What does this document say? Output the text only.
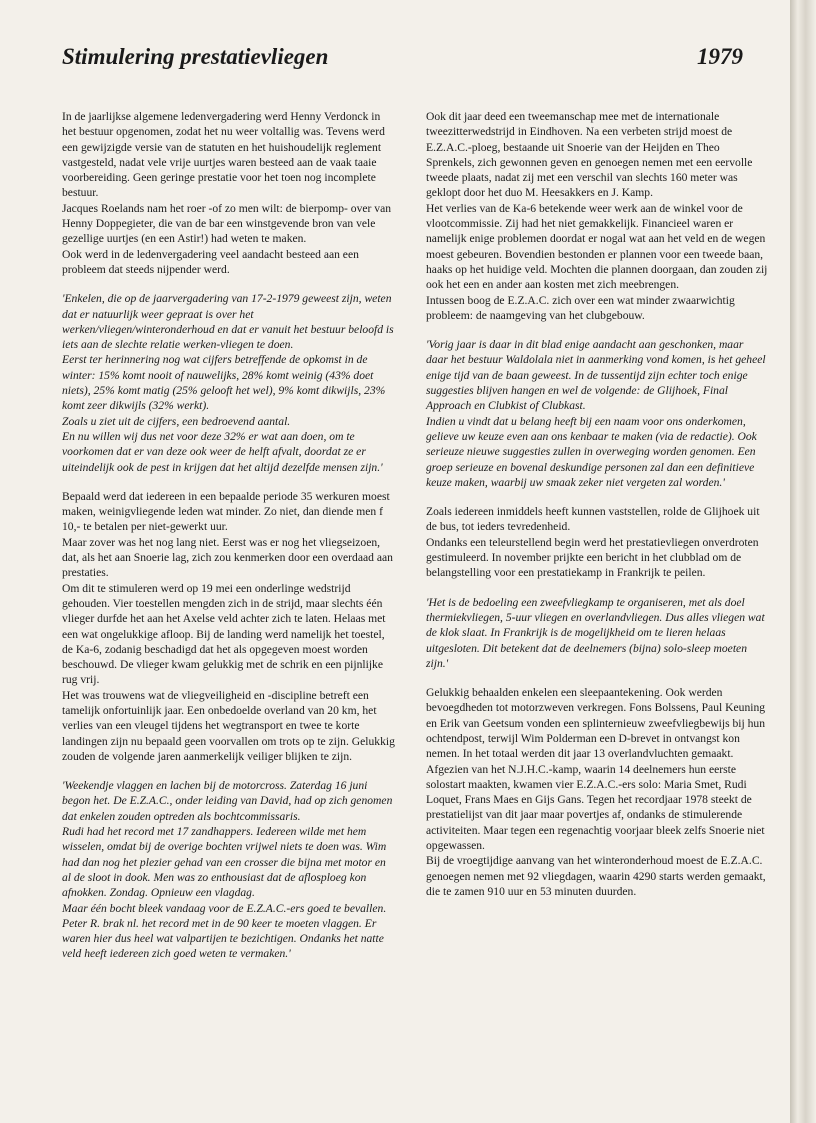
Stimulering prestatievliegen	1979

In de jaarlijkse algemene ledenvergadering werd Henny Verdonck in het bestuur opgenomen, zodat het nu weer voltallig was. Tevens werd een gewijzigde versie van de statuten en het huishoudelijk reglement vastgesteld, nadat vele vrije uurtjes waren besteed aan de vaak taaie voorbereiding. Geen geringe prestatie voor het toen nog incomplete bestuur.

Jacques Roelands nam het roer -of zo men wilt: de bierpomp- over van Henny Doppegieter, die van de bar een winstgevende bron van vele gezellige uurtjes (en een Astir!) had weten te maken.

Ook werd in de ledenvergadering veel aandacht besteed aan een probleem dat steeds nijpender werd.

'Enkelen, die op de jaarvergadering van 17-2-1979 geweest zijn, weten dat er natuurlijk weer gepraat is over het werken/vliegen/winteronderhoud en dat er vanuit het bestuur beloofd is iets aan de slechte relatie werken-vliegen te doen.

Eerst ter herinnering nog wat cijfers betreffende de opkomst in de winter: 15% komt nooit of nauwelijks, 28% komt weinig (43% doet niets), 25% komt matig (25% gelooft het wel), 9% komt dikwijls, 23% komt zeer dikwijls (32% werkt).

Zoals u ziet uit de cijfers, een bedroevend aantal.

En nu willen wij dus net voor deze 32% er wat aan doen, om te voorkomen dat er van deze ook weer de helft afvalt, doordat ze er uiteindelijk ook de pest in krijgen dat het altijd dezelfde mensen zijn.'

Bepaald werd dat iedereen in een bepaalde periode 35 werkuren moest maken, weinigvliegende leden wat minder. Zo niet, dan diende men f 10,- te betalen per niet-gewerkt uur.

Maar zover was het nog lang niet. Eerst was er nog het vliegseizoen, dat, als het aan Snoerie lag, zich zou kenmerken door een overdaad aan prestaties.

Om dit te stimuleren werd op 19 mei een onderlinge wedstrijd gehouden. Vier toestellen mengden zich in de strijd, maar slechts één vlieger durfde het aan het Axelse veld achter zich te laten. Helaas met een wat ongelukkige afloop. Bij de landing werd namelijk het toestel, de Ka-6, zodanig beschadigd dat het als opgegeven moest worden beschouwd. De vlieger kwam gelukkig met de schrik en een pijnlijke rug vrij.

Het was trouwens wat de vliegveiligheid en -discipline betreft een tamelijk onfortuinlijk jaar. Een onbedoelde overland van 20 km, het verlies van een vleugel tijdens het wegtransport en twee te korte landingen zijn nu bepaald geen voorvallen om trots op te zijn. Gelukkig zouden de volgende jaren aanmerkelijk veiliger blijken te zijn.

'Weekendje vlaggen en lachen bij de motorcross. Zaterdag 16 juni begon het. De E.Z.A.C., onder leiding van David, had op zich genomen dat enkelen zouden optreden als bochtcommissaris.

Rudi had het record met 17 zandhappers. Iedereen wilde met hem wisselen, omdat bij de overige bochten vrijwel niets te doen was. Wim had dan nog het plezier gehad van een crosser die bijna met motor en al de sloot in dook. Men was zo enthousiast dat de aflosploeg kon afnokken. Zondag. Opnieuw een vlagdag.

Maar één bocht bleek vandaag voor de E.Z.A.C.-ers goed te bevallen. Peter R. brak nl. het record met in de 90 keer te moeten vlaggen. Er waren hier dus heel wat valpartijen te bezichtigen. Ondanks het natte veld heeft iedereen zich goed weten te vermaken.'

Ook dit jaar deed een tweemanschap mee met de internationale tweezitterwedstrijd in Eindhoven. Na een verbeten strijd moest de E.Z.A.C.-ploeg, bestaande uit Snoerie van der Heijden en Theo Sprenkels, zich gewonnen geven en genoegen nemen met een eervolle tweede plaats, nadat zij met een verschil van slechts 160 meter was geklopt door het duo M. Heesakkers en J. Kamp.

Het verlies van de Ka-6 betekende weer werk aan de winkel voor de vlootcommissie. Zij had het niet gemakkelijk. Financieel waren er namelijk enige problemen doordat er nogal wat aan het veld en de wegen moest gebeuren. Bovendien bestonden er plannen voor een tweede baan, haaks op het huidige veld. Mochten die plannen doorgaan, dan zouden zij ook het een en ander aan kosten met zich meebrengen.

Intussen boog de E.Z.A.C. zich over een wat minder zwaarwichtig probleem: de naamgeving van het clubgebouw.

'Vorig jaar is daar in dit blad enige aandacht aan geschonken, maar daar het bestuur Waldolala niet in aanmerking vond komen, is het geheel enige tijd van de baan geweest. In de tussentijd zijn echter toch enige suggesties blijven hangen en wel de volgende: de Glijhoek, Final Approach en Clubkist of Clubkast.

Indien u vindt dat u belang heeft bij een naam voor ons onderkomen, gelieve uw keuze even aan ons kenbaar te maken (via de redactie). Ook serieuze nieuwe suggesties zullen in overweging worden genomen. Een groep serieuze en bovenal deskundige personen zal dan een definitieve keuze maken, waarbij uw smaak zeker niet vergeten zal worden.'

Zoals iedereen inmiddels heeft kunnen vaststellen, rolde de Glijhoek uit de bus, tot ieders tevredenheid.

Ondanks een teleurstellend begin werd het prestatievliegen onverdroten gestimuleerd. In november prijkte een bericht in het clubblad om de belangstelling voor een prestatiekamp in Frankrijk te peilen.

'Het is de bedoeling een zweefvliegkamp te organiseren, met als doel thermiekvliegen, 5-uur vliegen en overlandvliegen. Dus alles vliegen wat de klok slaat. In Frankrijk is de mogelijkheid om te lieren helaas uitgesloten. Dit betekent dat de deelnemers (bijna) solo-sleep moeten zijn.'

Gelukkig behaalden enkelen een sleepaantekening. Ook werden bevoegdheden tot motorzweven verkregen. Fons Bolssens, Paul Keuning en Erik van Geetsum vonden een splinternieuw zweefvliegbewijs bij hun ochtendpost, terwijl Wim Polderman een D-brevet in ontvangst kon nemen. In het totaal werden dit jaar 13 overlandvluchten gemaakt.

Afgezien van het N.J.H.C.-kamp, waarin 14 deelnemers hun eerste solostart maakten, kwamen vier E.Z.A.C.-ers solo: Maria Smet, Rudi Loquet, Frans Maes en Gijs Gans. Tegen het recordjaar 1978 steekt de prestatielijst van dit jaar maar povertjes af, ondanks de stimulerende activiteiten. Maar tegen een regenachtig voorjaar bleek zelfs Snoerie niet opgewassen.

Bij de vroegtijdige aanvang van het winteronderhoud moest de E.Z.A.C. genoegen nemen met 92 vliegdagen, waarin 4290 starts werden gemaakt, die te zamen 910 uur en 53 minuten duurden.
